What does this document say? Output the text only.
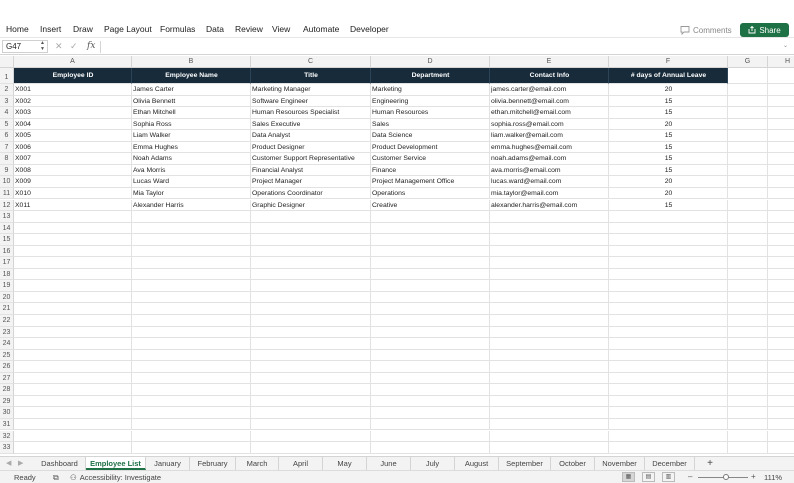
Comments	Share
Home Insert Draw Page Layout Formulas Data Review View Automate Developer
G47	▲
▼ ✕ ✓ fx	⌄
Employee ID	Employee Name	Title	Department	Contact Info	# days of Annual Leave
X001	James Carter	Marketing Manager	Marketing	james.carter@email.com	20
X002	Olivia Bennett	Software Engineer	Engineering	olivia.bennett@email.com	15
X003	Ethan Mitchell	Human Resources Specialist	Human Resources	ethan.mitchell@email.com	15
X004	Sophia Ross	Sales Executive	Sales	sophia.ross@email.com	20
X005	Liam Walker	Data Analyst	Data Science	liam.walker@email.com	15
X006	Emma Hughes	Product Designer	Product Development	emma.hughes@email.com	15
X007	Noah Adams	Customer Support Representative	Customer Service	noah.adams@email.com	15
X008	Ava Morris	Financial Analyst	Finance	ava.morris@email.com	15
X009	Lucas Ward	Project Manager	Project Management Office	lucas.ward@email.com	20
X010	Mia Taylor	Operations Coordinator	Operations	mia.taylor@email.com	20
X011	Alexander Harris	Graphic Designer	Creative	alexander.harris@email.com	15
A	B	C	D	E	F	G	H
1
2
3
4
5
6
7
8
9
10
11
12
13
14
15
16
17
18
19
20
21
22
23
24
25
26
27
28
29
30
31
32
33
◀ ▶	+
Dashboard	Employee List	January	February	March	April	May	June	July	August	September	October	November	December
Ready ⧉ ⚇ Accessibility: Investigate	▦	▤	▥	–	+ 111%
